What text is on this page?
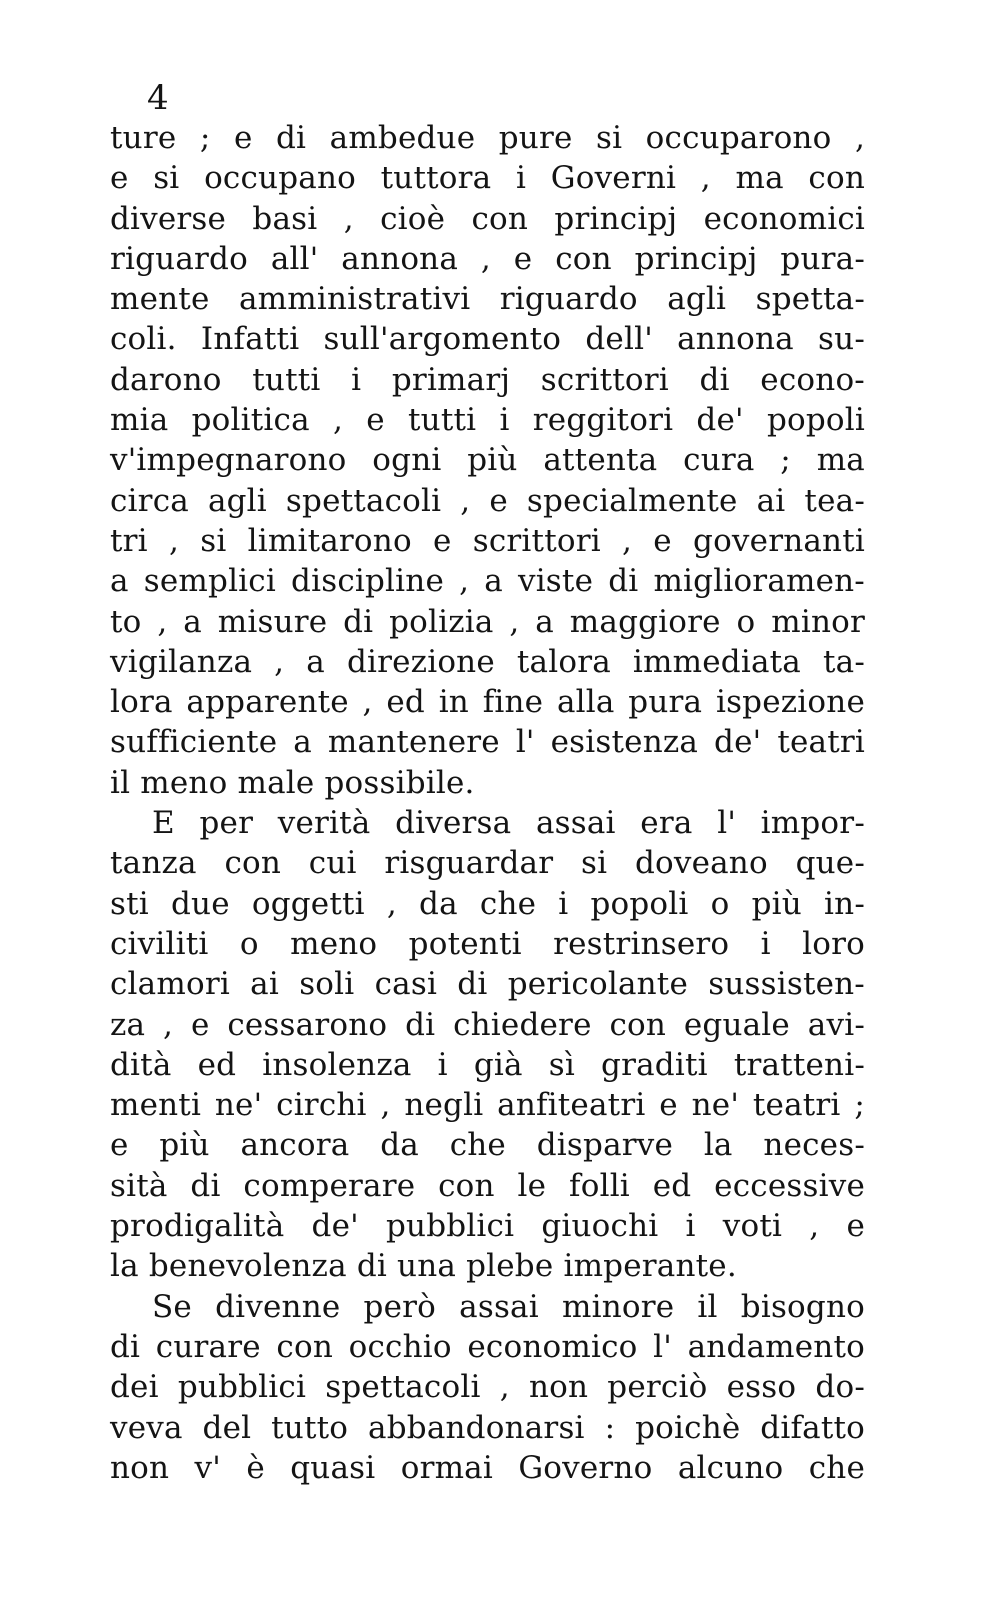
4
ture ; e di ambedue pure si occuparono ,
e si occupano tuttora i Governi , ma con
diverse basi , cioè con principj economici
riguardo all' annona , e con principj pura-
mente amministrativi riguardo agli spetta-
coli. Infatti sull'argomento dell' annona su-
darono tutti i primarj scrittori di econo-
mia politica , e tutti i reggitori de' popoli
v'impegnarono ogni più attenta cura ; ma
circa agli spettacoli , e specialmente ai tea-
tri , si limitarono e scrittori , e governanti
a semplici discipline , a viste di miglioramen-
to , a misure di polizia , a maggiore o minor
vigilanza , a direzione talora immediata ta-
lora apparente , ed in fine alla pura ispezione
sufficiente a mantenere l' esistenza de' teatri
il meno male possibile.
E per verità diversa assai era l' impor-
tanza con cui risguardar si doveano que-
sti due oggetti , da che i popoli o più in-
civiliti o meno potenti restrinsero i loro
clamori ai soli casi di pericolante sussisten-
za , e cessarono di chiedere con eguale avi-
dità ed insolenza i già sì graditi tratteni-
menti ne' circhi , negli anfiteatri e ne' teatri ;
e più ancora da che disparve la neces-
sità di comperare con le folli ed eccessive
prodigalità de' pubblici giuochi i voti , e
la benevolenza di una plebe imperante.
Se divenne però assai minore il bisogno
di curare con occhio economico l' andamento
dei pubblici spettacoli , non perciò esso do-
veva del tutto abbandonarsi : poichè difatto
non v' è quasi ormai Governo alcuno che
